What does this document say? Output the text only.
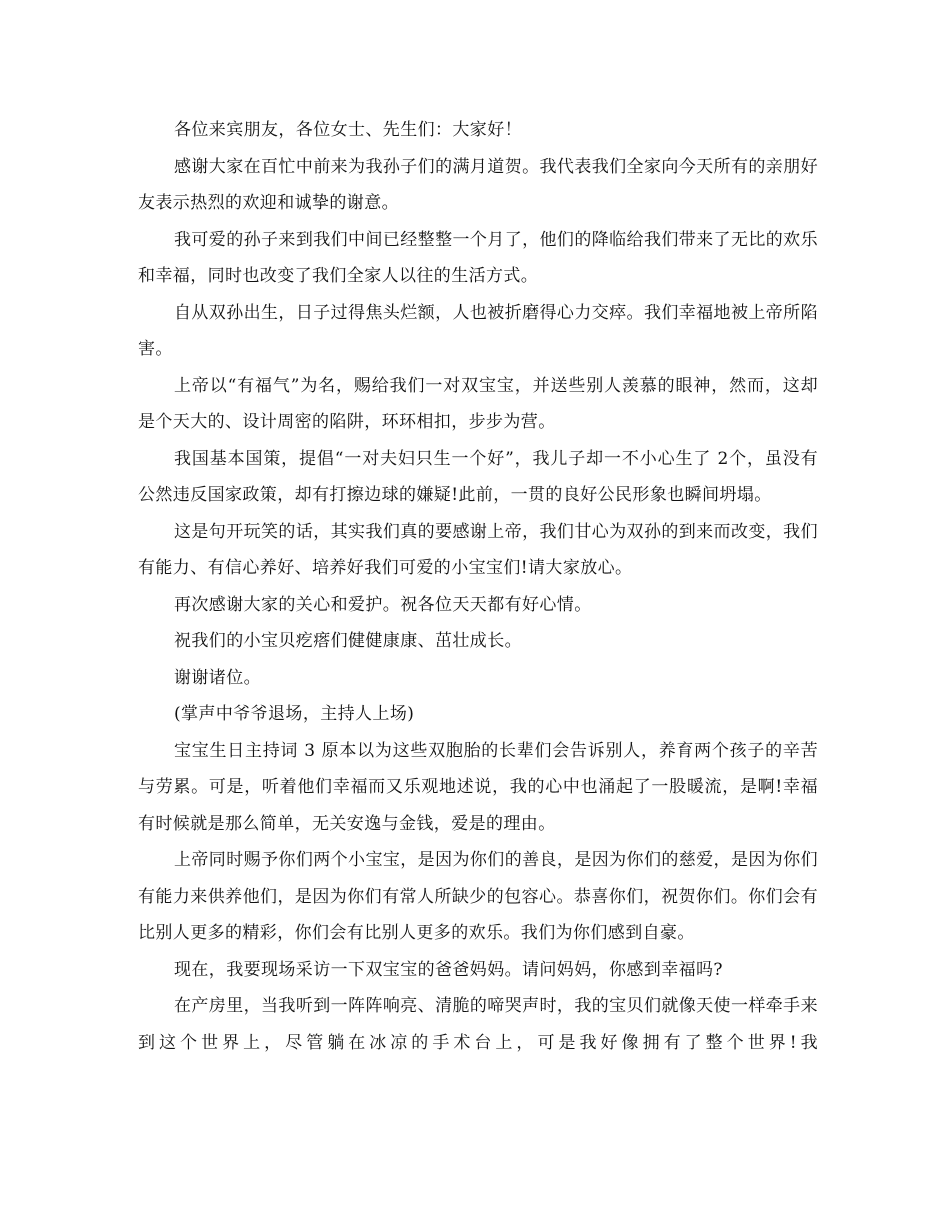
各位来宾朋友，各位女士、先生们：大家好！

感谢大家在百忙中前来为我孙子们的满月道贺。我代表我们全家向今天所有的亲朋好友表示热烈的欢迎和诚挚的谢意。

我可爱的孙子来到我们中间已经整整一个月了，他们的降临给我们带来了无比的欢乐和幸福，同时也改变了我们全家人以往的生活方式。

自从双孙出生，日子过得焦头烂额，人也被折磨得心力交瘁。我们幸福地被上帝所陷害。

上帝以“有福气”为名，赐给我们一对双宝宝，并送些别人羡慕的眼神，然而，这却是个天大的、设计周密的陷阱，环环相扣，步步为营。

我国基本国策，提倡“一对夫妇只生一个好”，我儿子却一不小心生了 2个，虽没有公然违反国家政策，却有打擦边球的嫌疑!此前，一贯的良好公民形象也瞬间坍塌。

这是句开玩笑的话，其实我们真的要感谢上帝，我们甘心为双孙的到来而改变，我们有能力、有信心养好、培养好我们可爱的小宝宝们!请大家放心。

再次感谢大家的关心和爱护。祝各位天天都有好心情。

祝我们的小宝贝疙瘩们健健康康、茁壮成长。

谢谢诸位。

(掌声中爷爷退场，主持人上场)

宝宝生日主持词 3 原本以为这些双胞胎的长辈们会告诉别人，养育两个孩子的辛苦与劳累。可是，听着他们幸福而又乐观地述说，我的心中也涌起了一股暖流，是啊!幸福有时候就是那么简单，无关安逸与金钱，爱是的理由。

上帝同时赐予你们两个小宝宝，是因为你们的善良，是因为你们的慈爱，是因为你们有能力来供养他们，是因为你们有常人所缺少的包容心。恭喜你们，祝贺你们。你们会有比别人更多的精彩，你们会有比别人更多的欢乐。我们为你们感到自豪。

现在，我要现场采访一下双宝宝的爸爸妈妈。请问妈妈，你感到幸福吗?

在产房里，当我听到一阵阵响亮、清脆的啼哭声时，我的宝贝们就像天使一样牵手来到这个世界上，尽管躺在冰凉的手术台上，可是我好像拥有了整个世界!我
